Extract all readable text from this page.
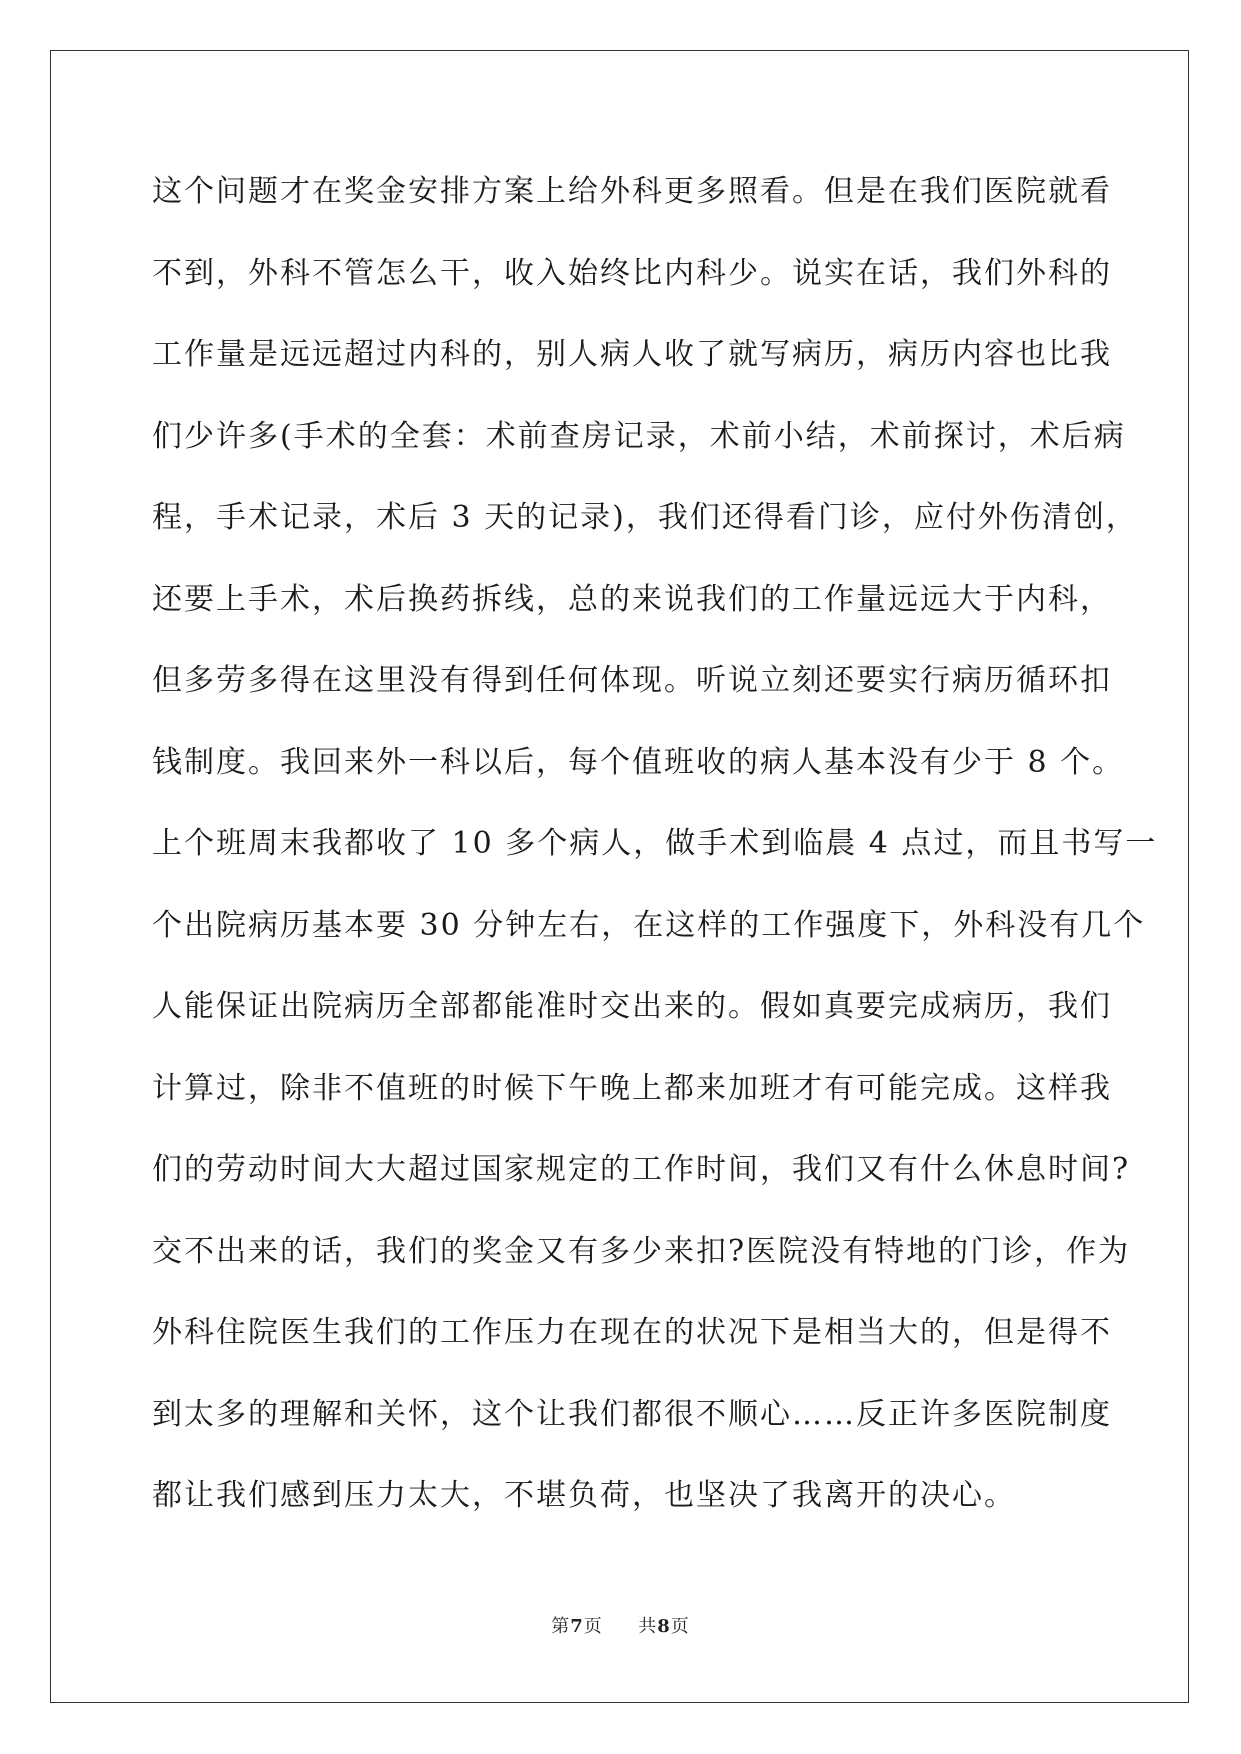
这个问题才在奖金安排方案上给外科更多照看。但是在我们医院就看
不到，外科不管怎么干，收入始终比内科少。说实在话，我们外科的
工作量是远远超过内科的，别人病人收了就写病历，病历内容也比我
们少许多(手术的全套：术前查房记录，术前小结，术前探讨，术后病
程，手术记录，术后 3 天的记录)，我们还得看门诊，应付外伤清创，
还要上手术，术后换药拆线，总的来说我们的工作量远远大于内科，
但多劳多得在这里没有得到任何体现。听说立刻还要实行病历循环扣
钱制度。我回来外一科以后，每个值班收的病人基本没有少于 8 个。
上个班周末我都收了 10 多个病人，做手术到临晨 4 点过，而且书写一
个出院病历基本要 30 分钟左右，在这样的工作强度下，外科没有几个
人能保证出院病历全部都能准时交出来的。假如真要完成病历，我们
计算过，除非不值班的时候下午晚上都来加班才有可能完成。这样我
们的劳动时间大大超过国家规定的工作时间，我们又有什么休息时间?
交不出来的话，我们的奖金又有多少来扣?医院没有特地的门诊，作为
外科住院医生我们的工作压力在现在的状况下是相当大的，但是得不
到太多的理解和关怀，这个让我们都很不顺心……反正许多医院制度
都让我们感到压力太大，不堪负荷，也坚决了我离开的决心。
第7页 共8页
